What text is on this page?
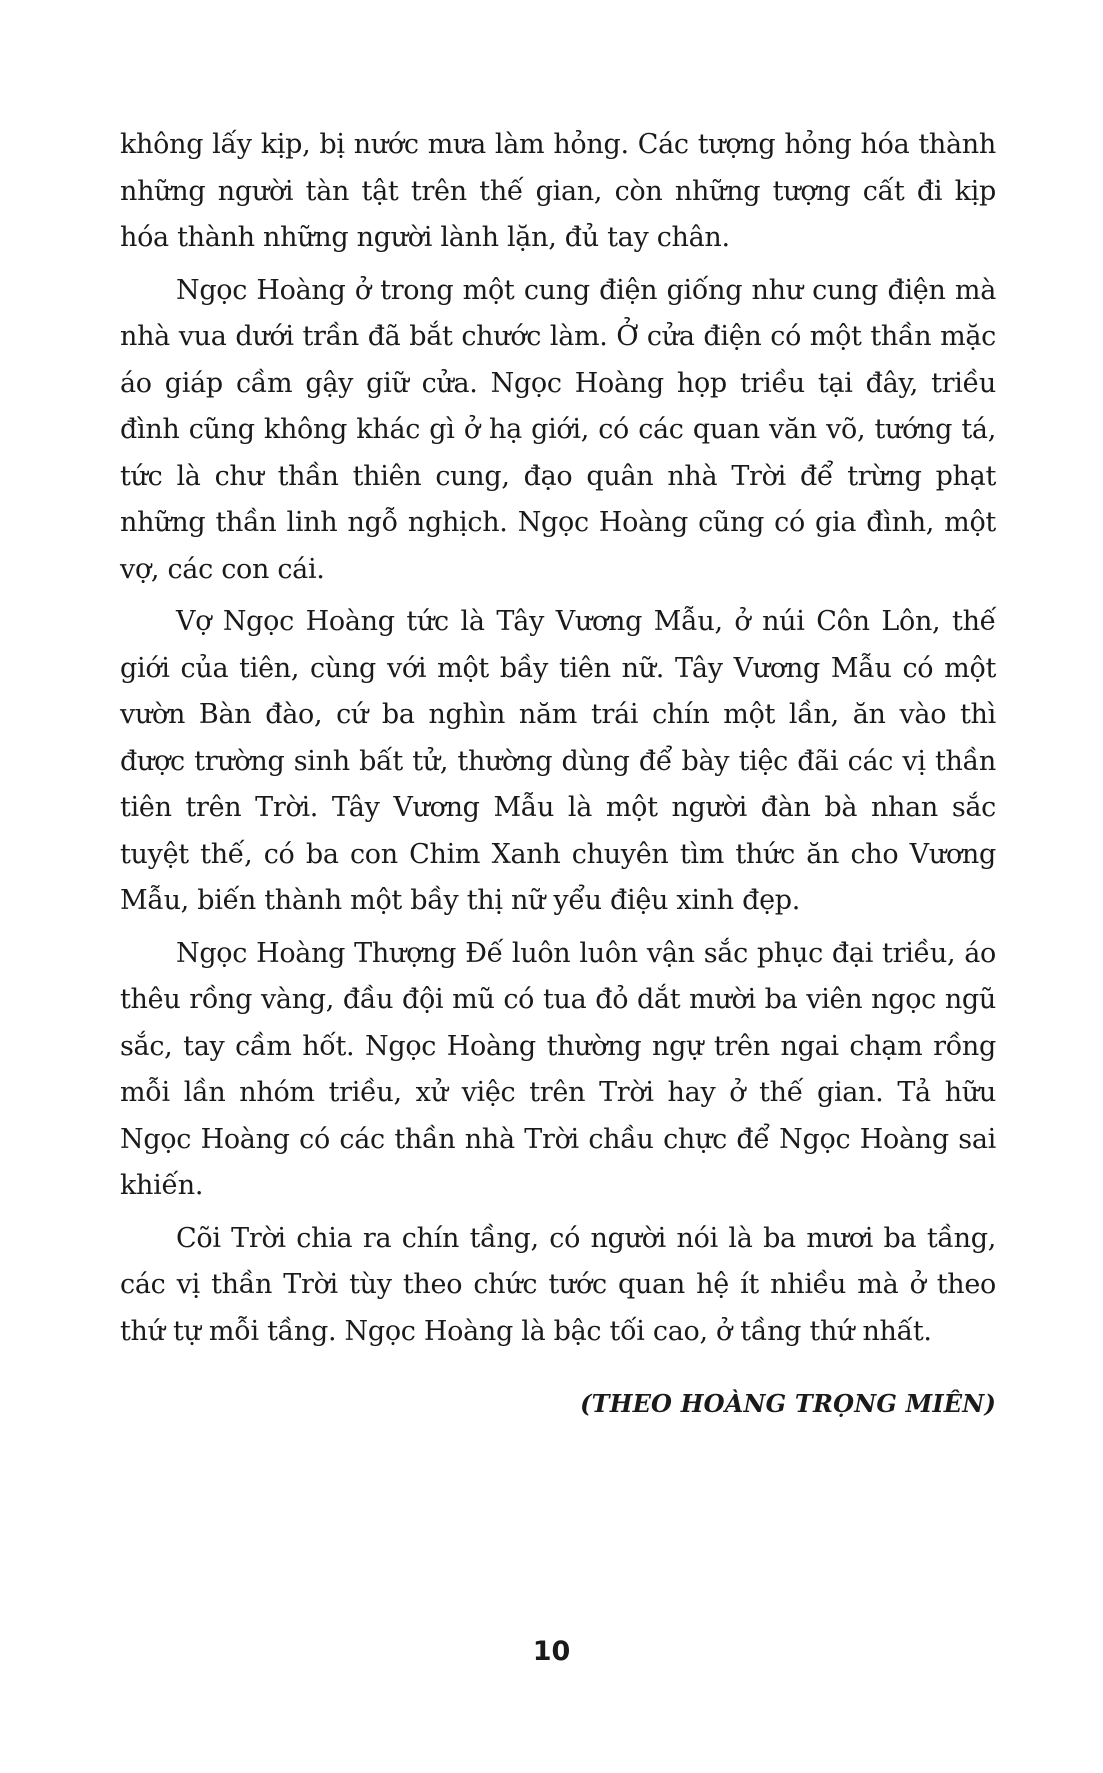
không lấy kịp, bị nước mưa làm hỏng. Các tượng hỏng hóa thành những người tàn tật trên thế gian, còn những tượng cất đi kịp hóa thành những người lành lặn, đủ tay chân.

Ngọc Hoàng ở trong một cung điện giống như cung điện mà nhà vua dưới trần đã bắt chước làm. Ở cửa điện có một thần mặc áo giáp cầm gậy giữ cửa. Ngọc Hoàng họp triều tại đây, triều đình cũng không khác gì ở hạ giới, có các quan văn võ, tướng tá, tức là chư thần thiên cung, đạo quân nhà Trời để trừng phạt những thần linh ngỗ nghịch. Ngọc Hoàng cũng có gia đình, một vợ, các con cái.

Vợ Ngọc Hoàng tức là Tây Vương Mẫu, ở núi Côn Lôn, thế giới của tiên, cùng với một bầy tiên nữ. Tây Vương Mẫu có một vườn Bàn đào, cứ ba nghìn năm trái chín một lần, ăn vào thì được trường sinh bất tử, thường dùng để bày tiệc đãi các vị thần tiên trên Trời. Tây Vương Mẫu là một người đàn bà nhan sắc tuyệt thế, có ba con Chim Xanh chuyên tìm thức ăn cho Vương Mẫu, biến thành một bầy thị nữ yểu điệu xinh đẹp.

Ngọc Hoàng Thượng Đế luôn luôn vận sắc phục đại triều, áo thêu rồng vàng, đầu đội mũ có tua đỏ dắt mười ba viên ngọc ngũ sắc, tay cầm hốt. Ngọc Hoàng thường ngự trên ngai chạm rồng mỗi lần nhóm triều, xử việc trên Trời hay ở thế gian. Tả hữu Ngọc Hoàng có các thần nhà Trời chầu chực để Ngọc Hoàng sai khiến.

Cõi Trời chia ra chín tầng, có người nói là ba mươi ba tầng, các vị thần Trời tùy theo chức tước quan hệ ít nhiều mà ở theo thứ tự mỗi tầng. Ngọc Hoàng là bậc tối cao, ở tầng thứ nhất.

(THEO HOÀNG TRỌNG MIÊN)

10
